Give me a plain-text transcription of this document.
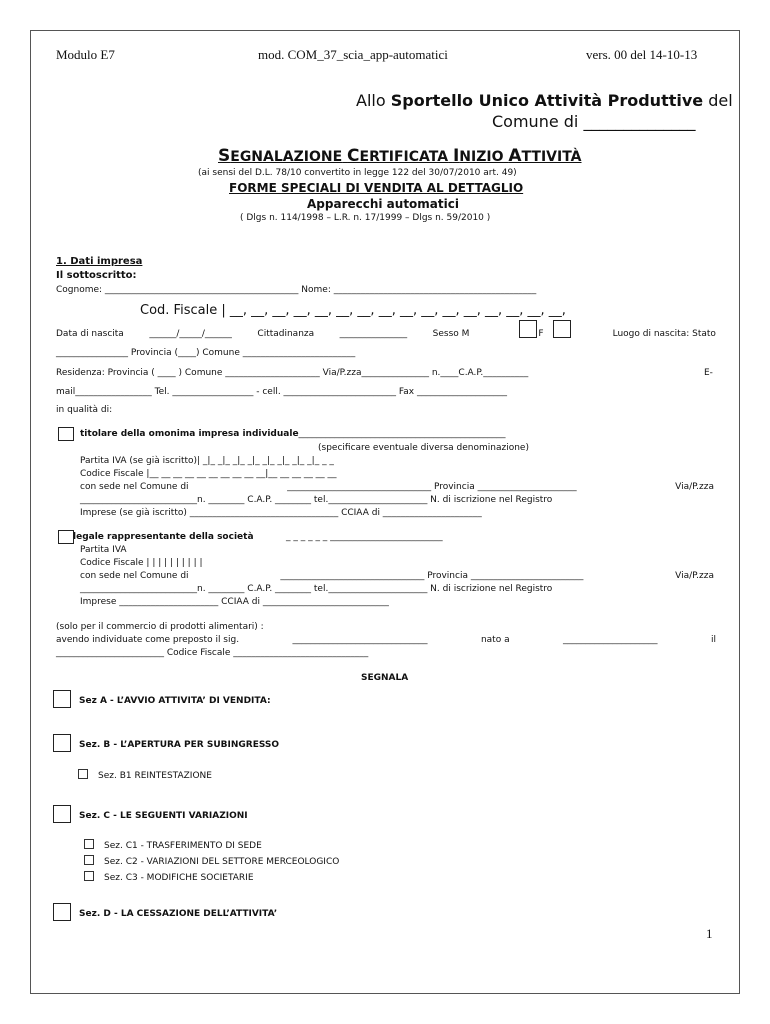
Modulo E7	mod. COM_37_scia_app-automatici	vers. 00 del 14-10-13
Allo Sportello Unico Attività Produttive del
Comune di ______________
SEGNALAZIONE CERTIFICATA INIZIO ATTIVITÀ
(ai sensi del D.L. 78/10 convertito in legge 122 del 30/07/2010 art. 49)
FORME SPECIALI DI VENDITA AL DETTAGLIO
Apparecchi automatici
( Dlgs n. 114/1998 – L.R. n. 17/1999 – Dlgs n. 59/2010 )
1. Dati impresa
Il sottoscritto:
Cognome: ___________________________________________ Nome: _____________________________________________
Cod. Fiscale | __, __, __, __, __, __, __, __, __, __, __, __, __, __, __, __,
Data di nascita	______/_____/______	Cittadinanza	_______________	Sesso M	F	Luogo di nascita: Stato
________________ Provincia (____) Comune _________________________
Residenza: Provincia ( ____ ) Comune _____________________ Via/P.zza_______________ n.____C.A.P.__________	E-
mail_________________ Tel. __________________ - cell. _________________________ Fax ____________________
in qualità di:
titolare della omonima impresa individuale______________________________________________
(specificare eventuale diversa denominazione)
Partita IVA (se già iscritto)| _|_ _|_ _|_ _|_ _|_ _|_ _|_ _|_ _ _
Codice Fiscale |__ __ __ __ __ __ __ __ __ __|__ __ __ __ __ __
con sede nel Comune di	________________________________ Provincia ______________________	Via/P.zza
__________________________n. ________ C.A.P. ________ tel.______________________ N. di iscrizione nel Registro
Imprese (se già iscritto) _________________________________ CCIAA di ______________________
legale rappresentante della società	_ _ _ _ _ _ _________________________
Partita IVA
Codice Fiscale | | | | | | | | | |
con sede nel Comune di	________________________________ Provincia _________________________	Via/P.zza
__________________________n. ________ C.A.P. ________ tel.______________________ N. di iscrizione nel Registro
Imprese ______________________ CCIAA di ____________________________
(solo per il commercio di prodotti alimentari) :
avendo individuate come preposto il sig.	______________________________	nato a	_____________________	il
________________________ Codice Fiscale ______________________________
SEGNALA
Sez A - L’AVVIO ATTIVITA’ DI VENDITA:
Sez. B - L’APERTURA PER SUBINGRESSO
Sez. B1 REINTESTAZIONE
Sez. C - LE SEGUENTI VARIAZIONI
Sez. C1 - TRASFERIMENTO DI SEDE
Sez. C2 - VARIAZIONI DEL SETTORE MERCEOLOGICO
Sez. C3 - MODIFICHE SOCIETARIE
Sez. D - LA CESSAZIONE DELL’ATTIVITA’
1
